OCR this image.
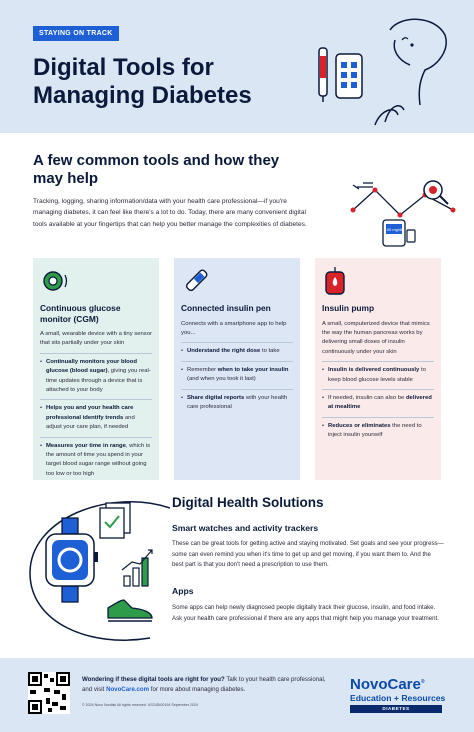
STAYING ON TRACK
Digital Tools for Managing Diabetes
A few common tools and how they may help
Tracking, logging, sharing information/data with your health care professional—if you're managing diabetes, it can feel like there's a lot to do. Today, there are many convenient digital tools available at your fingertips that can help you better manage the complexities of diabetes.
100 mg/dL
Continuous glucose monitor (CGM)
A small, wearable device with a tiny sensor that sits partially under your skin
• Continually monitors your blood glucose (blood sugar), giving you real-time updates through a device that is attached to your body
• Helps you and your health care professional identify trends and adjust your care plan, if needed
• Measures your time in range, which is the amount of time you spend in your target blood sugar range without going too low or too high
Connected insulin pen
Connects with a smartphone app to help you...
• Understand the right dose to take
• Remember when to take your insulin (and when you took it last)
• Share digital reports with your health care professional
Insulin pump
A small, computerized device that mimics the way the human pancreas works by delivering small doses of insulin continuously under your skin
• Insulin is delivered continuously to keep blood glucose levels stable
• If needed, insulin can also be delivered at mealtime
• Reduces or eliminates the need to inject insulin yourself
Digital Health Solutions
Smart watches and activity trackers
These can be great tools for getting active and staying motivated. Set goals and see your progress—some can even remind you when it's time to get up and get moving, if you want them to. And the best part is that you don't need a prescription to use them.
Apps
Some apps can help newly diagnosed people digitally track their glucose, insulin, and food intake. Ask your health care professional if there are any apps that might help you manage your treatment.
Wondering if these digital tools are right for you? Talk to your health care professional, and visit NovoCare.com for more about managing diabetes.
© 2024 Novo Nordisk All rights reserved. US24DI00194 September 2024
NovoCare®
Education + Resources
DIABETES
